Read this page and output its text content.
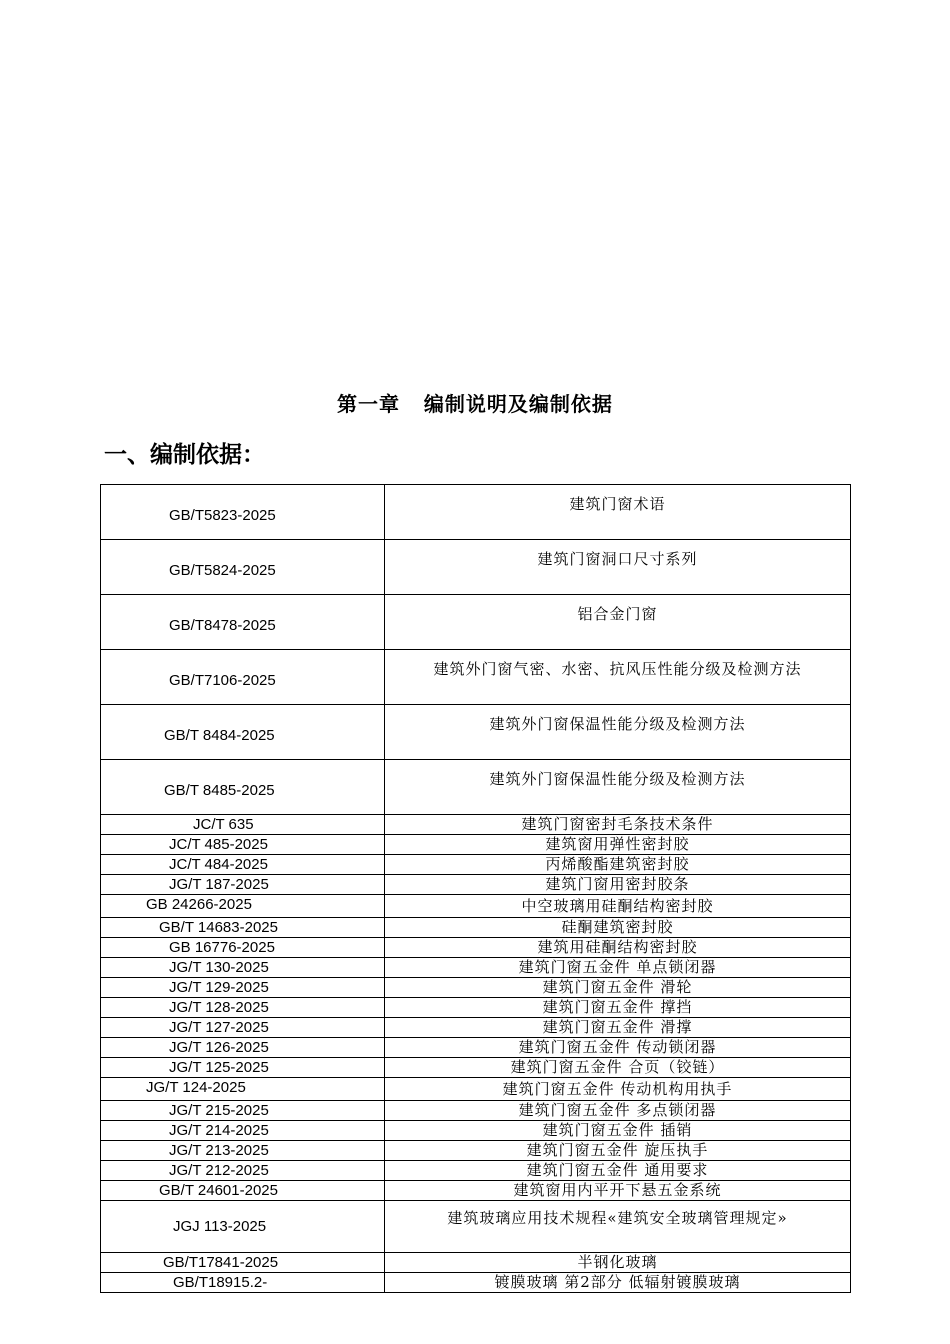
第一章   编制说明及编制依据
一、编制依据：
GB/T5823-2025	建筑门窗术语
GB/T5824-2025	建筑门窗洞口尺寸系列
GB/T8478-2025	铝合金门窗
GB/T7106-2025	建筑外门窗气密、水密、抗风压性能分级及检测方法
GB/T 8484-2025	建筑外门窗保温性能分级及检测方法
GB/T 8485-2025	建筑外门窗保温性能分级及检测方法
JC/T 635	建筑门窗密封毛条技术条件
JC/T 485-2025	建筑窗用弹性密封胶
JC/T 484-2025	丙烯酸酯建筑密封胶
JG/T 187-2025	建筑门窗用密封胶条
GB 24266-2025	中空玻璃用硅酮结构密封胶
GB/T 14683-2025	硅酮建筑密封胶
GB 16776-2025	建筑用硅酮结构密封胶
JG/T 130-2025	建筑门窗五金件 单点锁闭器
JG/T 129-2025	建筑门窗五金件 滑轮
JG/T 128-2025	建筑门窗五金件 撑挡
JG/T 127-2025	建筑门窗五金件 滑撑
JG/T 126-2025	建筑门窗五金件 传动锁闭器
JG/T 125-2025	建筑门窗五金件 合页（铰链）
JG/T 124-2025	建筑门窗五金件 传动机构用执手
JG/T 215-2025	建筑门窗五金件 多点锁闭器
JG/T 214-2025	建筑门窗五金件 插销
JG/T 213-2025	建筑门窗五金件 旋压执手
JG/T 212-2025	建筑门窗五金件 通用要求
GB/T 24601-2025	建筑窗用内平开下悬五金系统
JGJ 113-2025	建筑玻璃应用技术规程«建筑安全玻璃管理规定»
GB/T17841-2025	半钢化玻璃
GB/T18915.2-	镀膜玻璃 第2部分 低辐射镀膜玻璃
